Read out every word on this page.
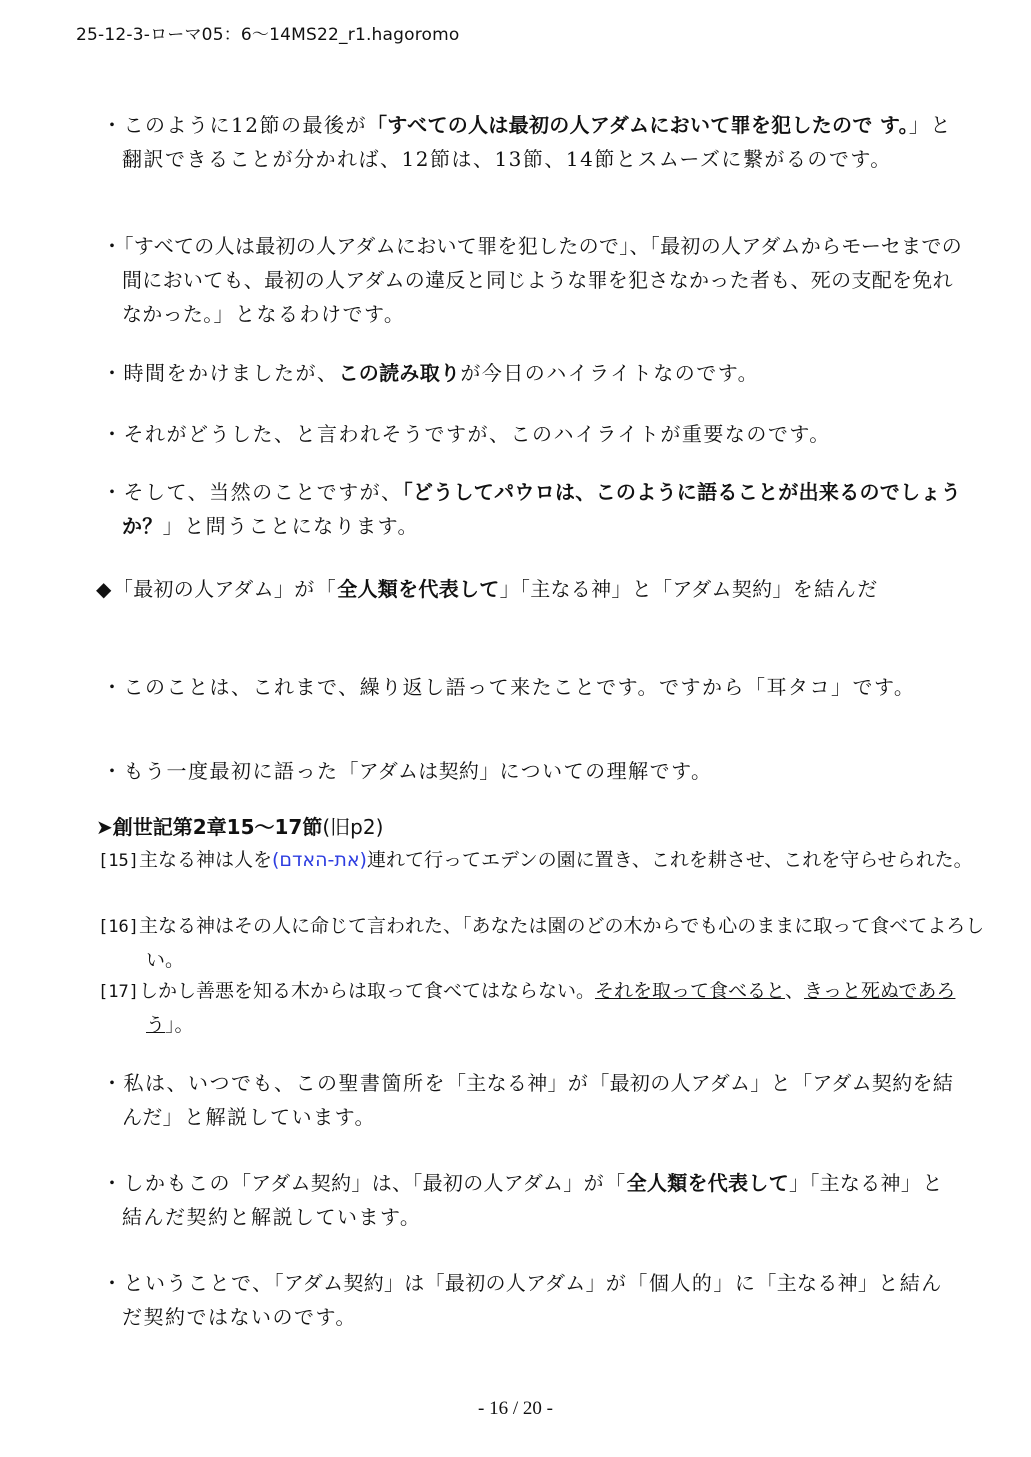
25-12-3-ローマ05：6〜14MS22_r1.hagoromo
・このように12節の最後が「すべての人は最初の人アダムにおいて罪を犯したので す。」と翻訳できることが分かれば、12節は、13節、14節とスムーズに繋がるのです。
・「すべての人は最初の人アダムにおいて罪を犯したので」、「最初の人アダムからモーセまでの間においても、最初の人アダムの違反と同じような罪を犯さなかった者も、死の支配を免れなかった。」となるわけです。
・時間をかけましたが、この読み取りが今日のハイライトなのです。
・それがどうした、と言われそうですが、このハイライトが重要なのです。
・そして、当然のことですが、「どうしてパウロは、このように語ることが出来るのでしょうか？」と問うことになります。
◆「最初の人アダム」が「全人類を代表して」「主なる神」と「アダム契約」を結んだ
・このことは、これまで、繰り返し語って来たことです。ですから「耳タコ」です。
・もう一度最初に語った「アダムは契約」についての理解です。
➤創世記第2章15〜17節(旧p2)
[15]主なる神は人を(את-האדם)連れて行ってエデンの園に置き、これを耕させ、これを守らせられた。
[16]主なる神はその人に命じて言われた、「あなたは園のどの木からでも心のままに取って食べてよろしい。
[17]しかし善悪を知る木からは取って食べてはならない。それを取って食べると、きっと死ぬであろう」。
・私は、いつでも、この聖書箇所を「主なる神」が「最初の人アダム」と「アダム契約を結んだ」と解説しています。
・しかもこの「アダム契約」は、「最初の人アダム」が「全人類を代表して」「主なる神」と結んだ契約と解説しています。
・ということで、「アダム契約」は「最初の人アダム」が「個人的」に「主なる神」と結んだ契約ではないのです。
- 16 / 20 -
